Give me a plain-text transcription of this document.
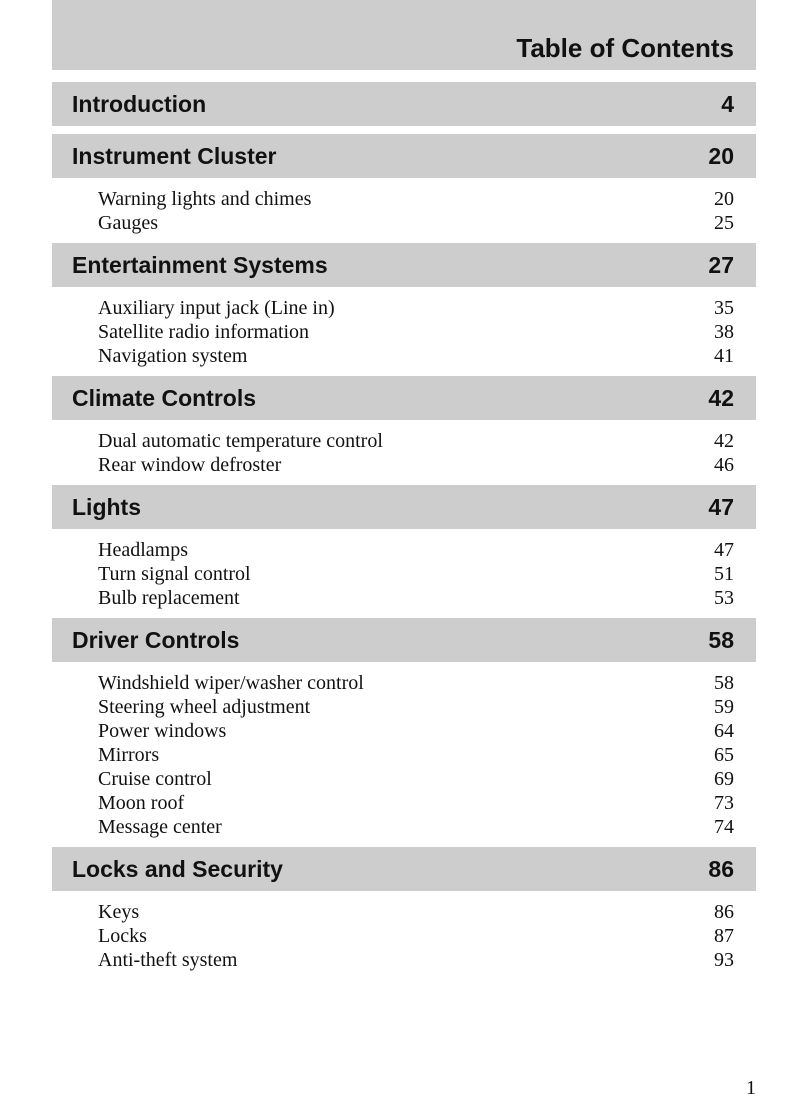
Table of Contents
Introduction	4
Instrument Cluster	20
Warning lights and chimes	20
Gauges	25
Entertainment Systems	27
Auxiliary input jack (Line in)	35
Satellite radio information	38
Navigation system	41
Climate Controls	42
Dual automatic temperature control	42
Rear window defroster	46
Lights	47
Headlamps	47
Turn signal control	51
Bulb replacement	53
Driver Controls	58
Windshield wiper/washer control	58
Steering wheel adjustment	59
Power windows	64
Mirrors	65
Cruise control	69
Moon roof	73
Message center	74
Locks and Security	86
Keys	86
Locks	87
Anti-theft system	93
1
